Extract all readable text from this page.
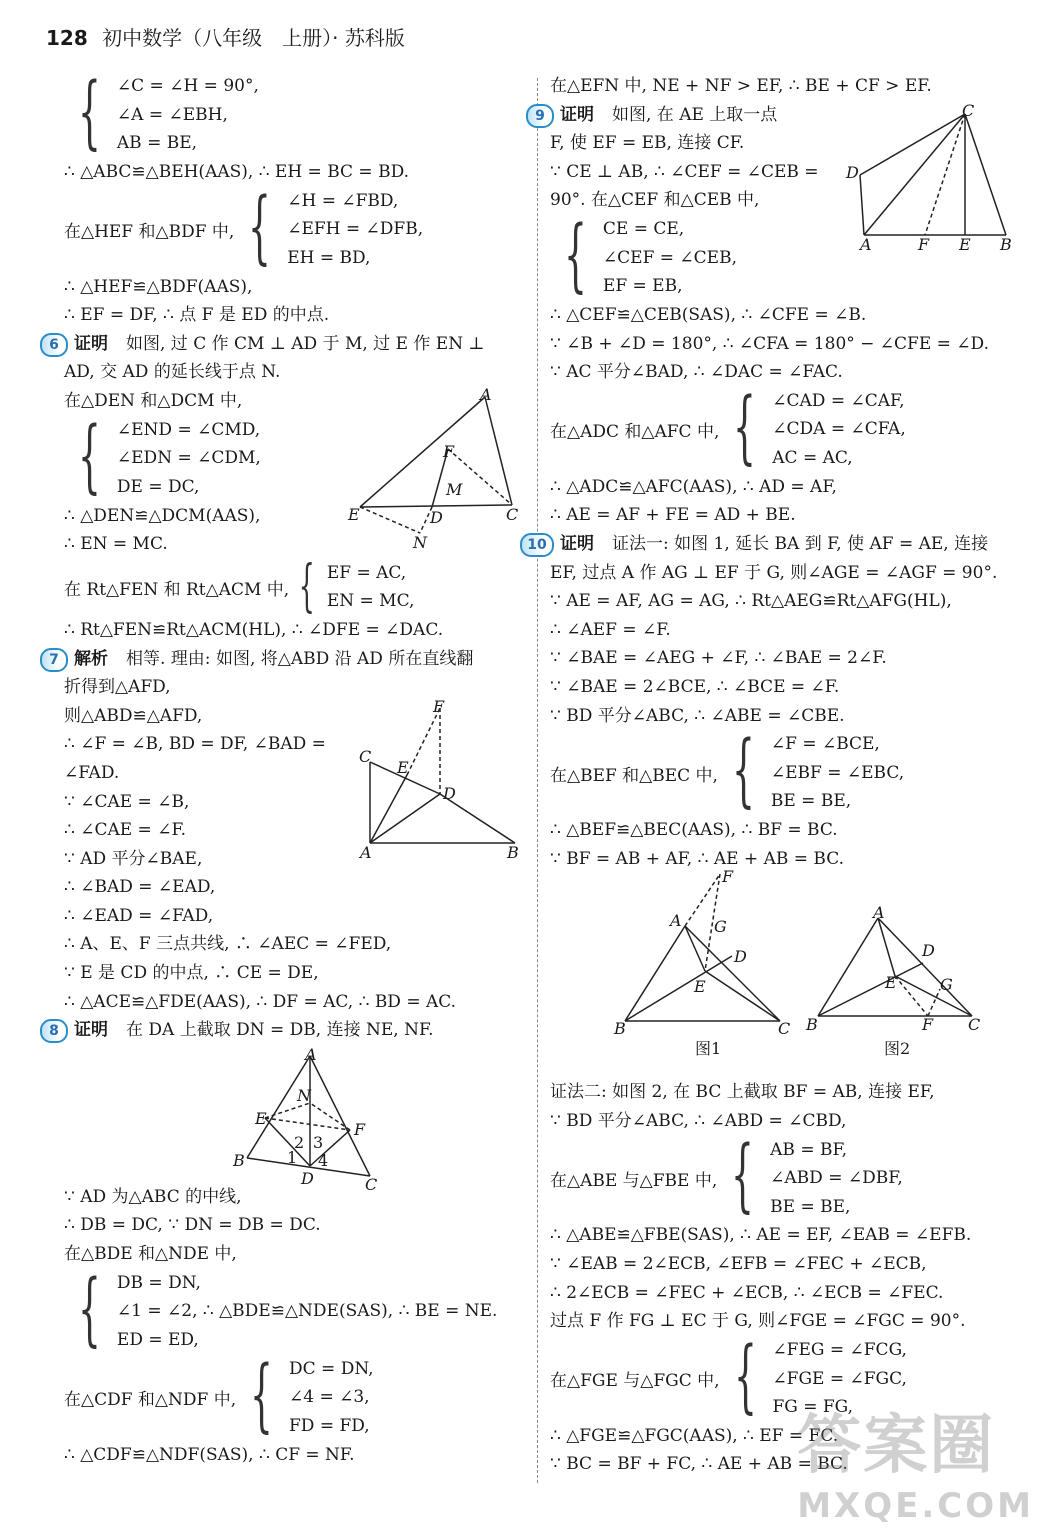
128 初中数学（八年级　上册）· 苏科版
{ ∠C = ∠H = 90°,
∠A = ∠EBH,
AB = BE,
∴ △ABC≌△BEH(AAS), ∴ EH = BC = BD.
在△HEF 和△BDF 中, { ∠H = ∠FBD,
∠EFH = ∠DFB,
EH = BD,
∴ △HEF≌△BDF(AAS),
∴ EF = DF, ∴ 点 F 是 ED 的中点.
6 证明 如图, 过 C 作 CM ⊥ AD 于 M, 过 E 作 EN ⊥
AD, 交 AD 的延长线于点 N.
在△DEN 和△DCM 中,
{ ∠END = ∠CMD,
∠EDN = ∠CDM,
DE = DC,
∴ △DEN≌△DCM(AAS),
∴ EN = MC.
在 Rt△FEN 和 Rt△ACM 中, { EF = AC,
EN = MC,
∴ Rt△FEN≌Rt△ACM(HL), ∴ ∠DFE = ∠DAC.
7 解析 相等. 理由: 如图, 将△ABD 沿 AD 所在直线翻
折得到△AFD,
则△ABD≌△AFD,
∴ ∠F = ∠B, BD = DF, ∠BAD =
∠FAD.
∵ ∠CAE = ∠B,
∴ ∠CAE = ∠F.
∵ AD 平分∠BAE,
∴ ∠BAD = ∠EAD,
∴ ∠EAD = ∠FAD,
∴ A、E、F 三点共线, ∴ ∠AEC = ∠FED,
∵ E 是 CD 的中点, ∴ CE = DE,
∴ △ACE≌△FDE(AAS), ∴ DF = AC, ∴ BD = AC.
8 证明 在 DA 上截取 DN = DB, 连接 NE, NF.
∵ AD 为△ABC 的中线,
∴ DB = DC, ∵ DN = DB = DC.
在△BDE 和△NDE 中,
{ DB = DN,
∠1 = ∠2, ∴ △BDE≌△NDE(SAS), ∴ BE = NE.
ED = ED,
在△CDF 和△NDF 中, { DC = DN,
∠4 = ∠3,
FD = FD,
∴ △CDF≌△NDF(SAS), ∴ CF = NF.
在△EFN 中, NE + NF > EF, ∴ BE + CF > EF.
9 证明 如图, 在 AE 上取一点
F, 使 EF = EB, 连接 CF.
∵ CE ⊥ AB, ∴ ∠CEF = ∠CEB =
90°. 在△CEF 和△CEB 中,
{ CE = CE,
∠CEF = ∠CEB,
EF = EB,
∴ △CEF≌△CEB(SAS), ∴ ∠CFE = ∠B.
∵ ∠B + ∠D = 180°, ∴ ∠CFA = 180° − ∠CFE = ∠D.
∵ AC 平分∠BAD, ∴ ∠DAC = ∠FAC.
在△ADC 和△AFC 中, { ∠CAD = ∠CAF,
∠CDA = ∠CFA,
AC = AC,
∴ △ADC≌△AFC(AAS), ∴ AD = AF,
∴ AE = AF + FE = AD + BE.
10 证明 证法一: 如图 1, 延长 BA 到 F, 使 AF = AE, 连接
EF, 过点 A 作 AG ⊥ EF 于 G, 则∠AGE = ∠AGF = 90°.
∵ AE = AF, AG = AG, ∴ Rt△AEG≌Rt△AFG(HL),
∴ ∠AEF = ∠F.
∵ ∠BAE = ∠AEG + ∠F, ∴ ∠BAE = 2∠F.
∵ ∠BAE = 2∠BCE, ∴ ∠BCE = ∠F.
∵ BD 平分∠ABC, ∴ ∠ABE = ∠CBE.
在△BEF 和△BEC 中, { ∠F = ∠BCE,
∠EBF = ∠EBC,
BE = BE,
∴ △BEF≌△BEC(AAS), ∴ BF = BC.
∵ BF = AB + AF, ∴ AE + AB = BC.
证法二: 如图 2, 在 BC 上截取 BF = AB, 连接 EF,
∵ BD 平分∠ABC, ∴ ∠ABD = ∠CBD,
在△ABE 与△FBE 中, { AB = BF,
∠ABD = ∠DBF,
BE = BE,
∴ △ABE≌△FBE(SAS), ∴ AE = EF, ∠EAB = ∠EFB.
∵ ∠EAB = 2∠ECB, ∠EFB = ∠FEC + ∠ECB,
∴ 2∠ECB = ∠FEC + ∠ECB, ∴ ∠ECB = ∠FEC.
过点 F 作 FG ⊥ EC 于 G, 则∠FGE = ∠FGC = 90°.
在△FGE 与△FGC 中, { ∠FEG = ∠FCG,
∠FGE = ∠FGC,
FG = FG,
∴ △FGE≌△FGC(AAS), ∴ EF = FC.
∵ BC = BF + FC, ∴ AE + AB = BC.
A
F
M
E	D	C
N
F
C
E
D
A	B
A
N
E
F
B
D	C
2 3
1 4
C
D
A	F E B
F
A G
D
E
B	C
图1
A
D
E	G
B	F C
图2
答案圈
MXQE.COM
